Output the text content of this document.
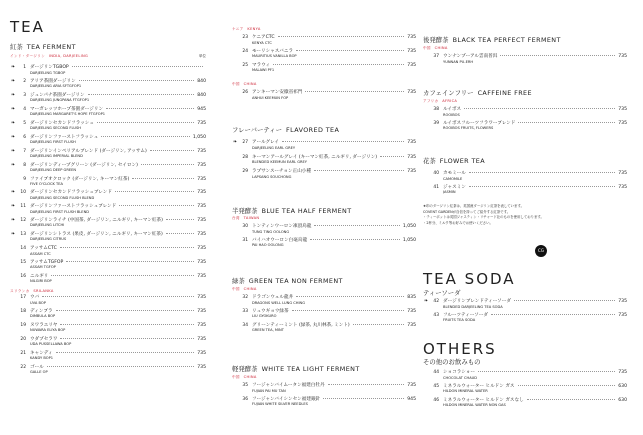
TEA
紅茶 TEA FERMENT
インド・ダージリン　INDIA, DARJEELING	単位
1 ダージリンTGBOP
DARJEELING TGBOP
❧
2 アリア茶園ダージリン	840
DARJEELING ARIA SFTGFOP1
❧
3 ジュンパナ茶園ダージリン	840
DARJEELING JUNGPANA FTGFOP1
❧
4 マーガレッツホープ茶園ダージリン	945
DARJEELING MARGARET'S HOPE FTGFOP1
❧
5 ダージリンセカンドフラッシュ	735
DARJEELING SECOND FLUSH
❧
6 ダージリンファーストフラッシュ	1,050
DARJEELING FIRST FLUSH
❧
7 ダージリンインペリアルブレンド (ダージリン, アッサム)	735
DARJEELING IMPERIAL BLEND
❧
8 ダージリンディープグリーン (ダージリン, セイロン)	735
DARJEELING DEEP GREEN
❧
9 ファイブオクロック (ダージリン, キーマン紅茶)	735
FIVE O'CLOCK TEA
10 ダージリンセカンドフラッシュブレンド	735
DARJEELING SECOND FLUSH BLEND
❧
11 ダージリンファーストフラッシュブレンド	735
DARJEELING FIRST FLUSH BLEND
❧
12 ダージリンライチ (中国茶, ダージリン, ニルギリ, キーマン紅茶)	735
DARJEELING LITCHI
❧
13 ダージリンシトラス (果皮, ダージリン, ニルギリ, キーマン紅茶)	735
DARJEELING CITRUS
❧
14 アッサムCTC	735
ASSAM CTC
15 アッサムTGFOP	735
ASSAM TGFOP
16 ニルギリ	735
NILGIRI BOP
スリランカ　SRILANKA
17 ウバ	735
UVA BOP
18 ディンブラ	735
DIMBULA BOP
19 ヌワラエリヤ	735
NUWARA ELIYA BOP
20 ウダプセラワ	735
UDA PUSSELLAWA BOP
21 キャンディ	735
KANDY BOP1
22 ゴール	735
GALLE OP
ケニア　KENYA
23 ケニアCTC	735
KENYA CTC
24 モーリシャスバニラ	735
MAURITIUS VANILLA BOP
25 マラウィ	735
MALAWI PF1
中国　CHINA
26 アンキーマン安徽省祁門	735
ANHUI KEEMUN FOP
フレーバーティー FLAVORED TEA
27 アールグレイ	735
DARJEELING EARL GREY
❧
28 キーマンアールグレイ (キーマン紅茶, ニルギリ, ダージリン)	735
BLENDED KEEMUN EARL GREY
29 ラプサンスーチョン正山小種	735
LAPSANG SOUCHONG
半発酵茶 BLUE TEA HALF FERMENT
台湾　TAIWAN
30 トンティンウーロン凍頂烏龍	1,050
TUNG TING OOLONG
31 バイハオウーロン白毫烏龍	1,050
PAI HAO OOLONG
緑茶 GREEN TEA NON FERMENT
中国　CHINA
32 ドラゴンウェル龍井	835
DRAGONS WELL LUNG CHING
33 リュウギョウ緑茶	735
LIU GYOKURO
34 グリーンティーミント (緑茶, 丸川林茶, ミント)	735
GREEN TEA, MINT
軽発酵茶 WHITE TEA LIGHT FERMENT
中国　CHINA
35 フージャンバイムータン福建白牡丹	735
FUJIAN PAI MU TAN
36 フージャンバイシンセン福建銀針	945
FUJIAN WHITE SILVER NEEDLES
後発酵茶 BLACK TEA PERFECT FERMENT
中国　CHINA
37 ウンナンプーアル雲南普洱	735
YUNNAN PU-ERH
カフェインフリー CAFFEINE FREE
アフリカ　AFRICA
38 ルイボス	735
ROOIBOS
39 ルイボスフルーツフラワーブレンド	735
ROOIBOS FRUITS, FLOWERS
花茶 FLOWER TEA
40 カモミール	735
CAMOMILE
41 ジャスミン	735
JASMIN
★印のダージリン紅茶は、英国流ダージリン紅茶を表しています。
COVENT GARDENが自信を持ってご紹介する紅茶です。
・ティーポットは英国ジャスティン・リチャード社のものを使用しております。
・2杯分、ミルク等お好みでお使いください。
TEA SODA
ティーソーダ
42 ダージリンブレンドティーソーダ	735
BLENDED DARJEELING TEA SODA
❧
43 フルーツティーソーダ	735
FRUITS TEA SODA
OTHERS
その他のお飲みもの
44 ショコラショー	735
CHOCOLAT CHAUD
45 ミネラルウォーター ヒルドン ガス	630
HILDON MINERAL WATER
46 ミネラルウォーター ヒルドン ガスなし	630
HILDON MINERAL WATER NON GAS
CG
